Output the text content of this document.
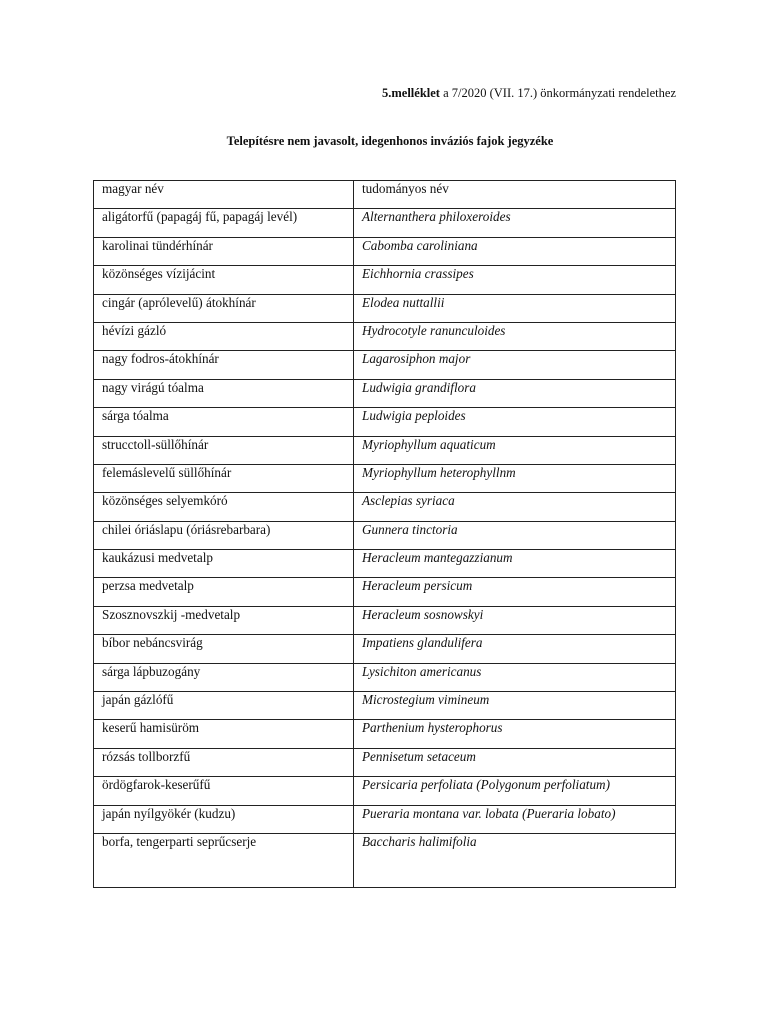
5.melléklet a 7/2020 (VII. 17.) önkormányzati rendelethez
Telepítésre nem javasolt, idegenhonos inváziós fajok jegyzéke
magyar név	tudományos név
aligátorfű (papagáj fű, papagáj levél)	Alternanthera philoxeroides
karolinai tündérhínár	Cabomba caroliniana
közönséges vízijácint	Eichhornia crassipes
cingár (aprólevelű) átokhínár	Elodea nuttallii
hévízi gázló	Hydrocotyle ranunculoides
nagy fodros-átokhínár	Lagarosiphon major
nagy virágú tóalma	Ludwigia grandiflora
sárga tóalma	Ludwigia peploides
strucctoll-süllőhínár	Myriophyllum aquaticum
felemáslevelű süllőhínár	Myriophyllum heterophyllnm
közönséges selyemkóró	Asclepias syriaca
chilei óriáslapu (óriásrebarbara)	Gunnera tinctoria
kaukázusi medvetalp	Heracleum mantegazzianum
perzsa medvetalp	Heracleum persicum
Szosznovszkij -medvetalp	Heracleum sosnowskyi
bíbor nebáncsvirág	Impatiens glandulifera
sárga lápbuzogány	Lysichiton americanus
japán gázlófű	Microstegium vimineum
keserű hamisüröm	Parthenium hysterophorus
rózsás tollborzfű	Pennisetum setaceum
ördögfarok-keserűfű	Persicaria perfoliata (Polygonum perfoliatum)
japán nyílgyökér (kudzu)	Pueraria montana var. lobata (Pueraria lobato)
borfa, tengerparti seprűcserje	Baccharis halimifolia
